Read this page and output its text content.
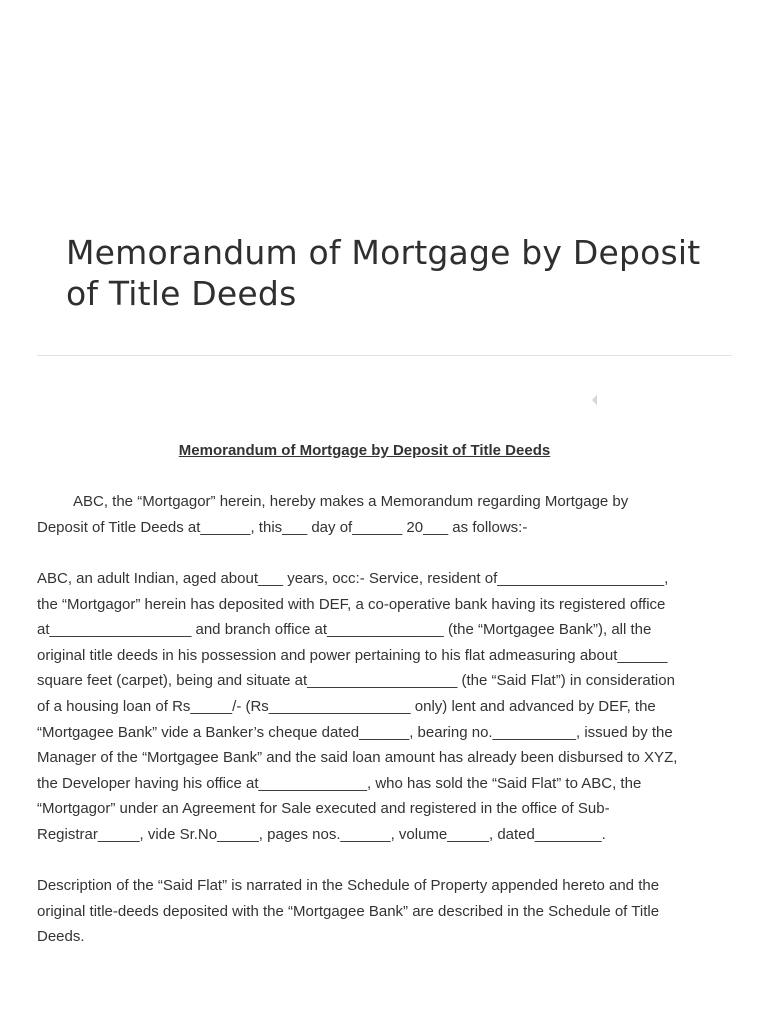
Memorandum of Mortgage by Deposit of Title Deeds

Memorandum of Mortgage by Deposit of Title Deeds

ABC, the “Mortgagor” herein, hereby makes a Memorandum regarding Mortgage by Deposit of Title Deeds at______, this___ day of______ 20___ as follows:-

ABC, an adult Indian, aged about___ years, occ:- Service, resident of____________________, the “Mortgagor” herein has deposited with DEF, a co-operative bank having its registered office at_________________ and branch office at______________ (the “Mortgagee Bank”), all the original title deeds in his possession and power pertaining to his flat admeasuring about______ square feet (carpet), being and situate at__________________ (the “Said Flat”) in consideration of a housing loan of Rs_____/- (Rs_________________ only) lent and advanced by DEF, the “Mortgagee Bank” vide a Banker’s cheque dated______, bearing no.__________, issued by the Manager of the “Mortgagee Bank” and the said loan amount has already been disbursed to XYZ, the Developer having his office at_____________, who has sold the “Said Flat” to ABC, the “Mortgagor” under an Agreement for Sale executed and registered in the office of Sub-Registrar_____, vide Sr.No_____, pages nos.______, volume_____, dated________.

Description of the “Said Flat” is narrated in the Schedule of Property appended hereto and the original title-deeds deposited with the “Mortgagee Bank” are described in the Schedule of Title Deeds.
